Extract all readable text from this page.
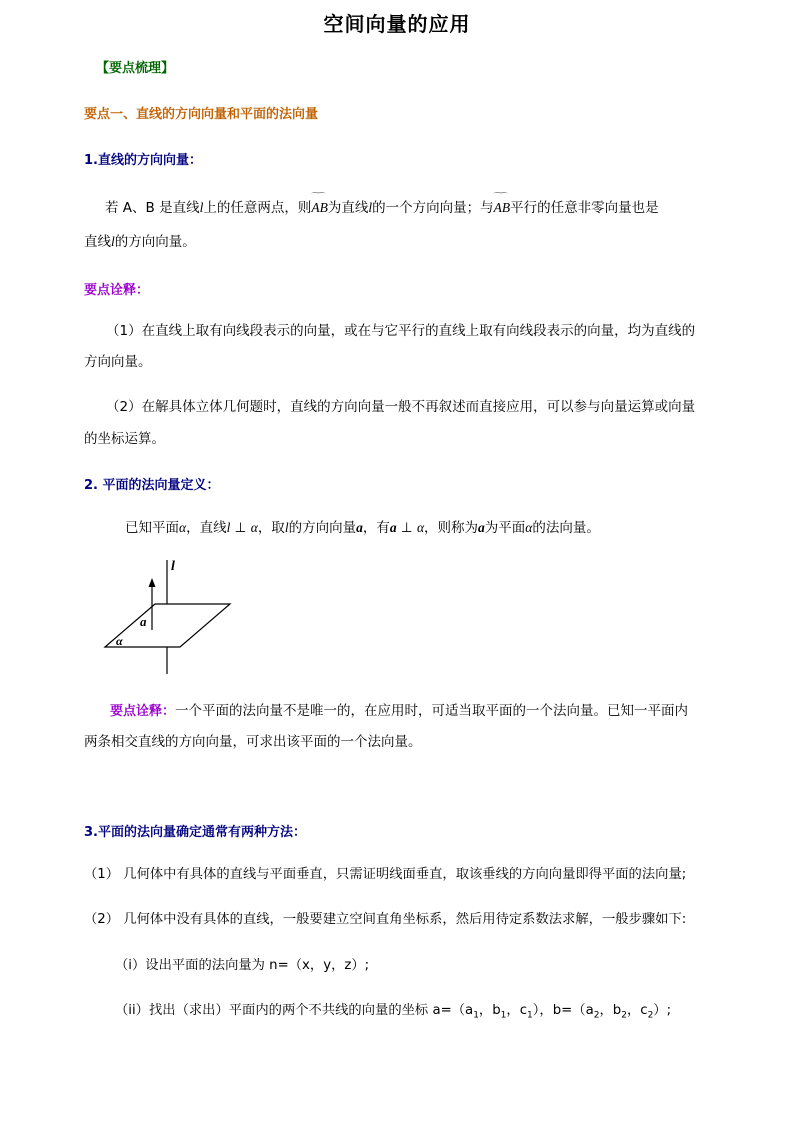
空间向量的应用
【要点梳理】
要点一、直线的方向向量和平面的法向量
1.直线的方向向量：
若 A、B 是直线l上的任意两点，则⌒⌒ AB为直线l的一个方向向量；与⌒⌒ AB平行的任意非零向量也是
直线l的方向向量。
要点诠释：
（1）在直线上取有向线段表示的向量，或在与它平行的直线上取有向线段表示的向量，均为直线的
方向向量。
（2）在解具体立体几何题时，直线的方向向量一般不再叙述而直接应用，可以参与向量运算或向量
的坐标运算。
2. 平面的法向量定义：
已知平面α，直线l ⊥ α，取l的方向向量a，有a ⊥ α，则称为a为平面α的法向量。
l
a
α
要点诠释：一个平面的法向量不是唯一的，在应用时，可适当取平面的一个法向量。已知一平面内
两条相交直线的方向向量，可求出该平面的一个法向量。
3.平面的法向量确定通常有两种方法：
（1） 几何体中有具体的直线与平面垂直，只需证明线面垂直，取该垂线的方向向量即得平面的法向量;
（2） 几何体中没有具体的直线，一般要建立空间直角坐标系，然后用待定系数法求解，一般步骤如下:
（i）设出平面的法向量为 n=（x，y，z）;
（ii）找出（求出）平面内的两个不共线的向量的坐标 $a=(a_1$，$b_1$，$c_1$），$b=(a_2$，$b_2$，$c_2$）;
